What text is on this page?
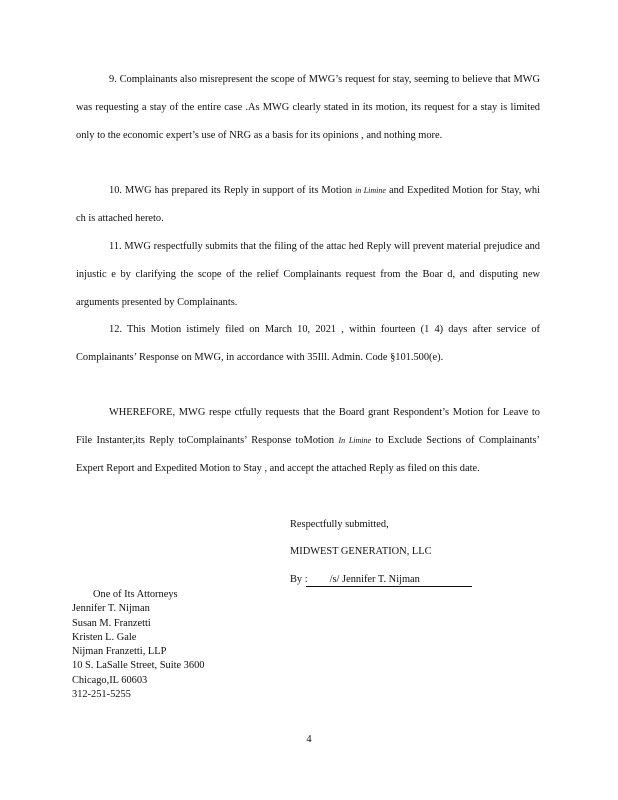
9. Complainants also misrepresent the scope of MWG’s request for stay, seeming to believe that MWG was requesting a stay of the entire case .As MWG clearly stated in its motion, its request for a stay is limited only to the economic expert’s use of NRG as a basis for its opinions , and nothing more.

10. MWG has prepared its Reply in support of its Motion in Limine and Expedited Motion for Stay, whi ch is attached hereto.

11. MWG respectfully submits that the filing of the attac hed Reply will prevent material prejudice and injustic e by clarifying the scope of the relief Complainants request from the Boar d, and disputing new arguments presented by Complainants.

12. This Motion istimely filed on March 10, 2021 , within fourteen (1 4) days after service of Complainants’ Response on MWG, in accordance with 35Ill. Admin. Code §101.500(e).

WHEREFORE, MWG respe ctfully requests that the Board grant Respondent’s Motion for Leave to File Instanter,its Reply toComplainants’ Response toMotion In Limine to Exclude Sections of Complainants’ Expert Report and Expedited Motion to Stay , and accept the attached Reply as filed on this date.

Respectfully submitted,

MIDWEST GENERATION, LLC

By : /s/ Jennifer T. Nijman

One of Its Attorneys
Jennifer T. Nijman
Susan M. Franzetti
Kristen L. Gale
Nijman Franzetti, LLP
10 S. LaSalle Street, Suite 3600
Chicago,IL 60603
312-251-5255
4
